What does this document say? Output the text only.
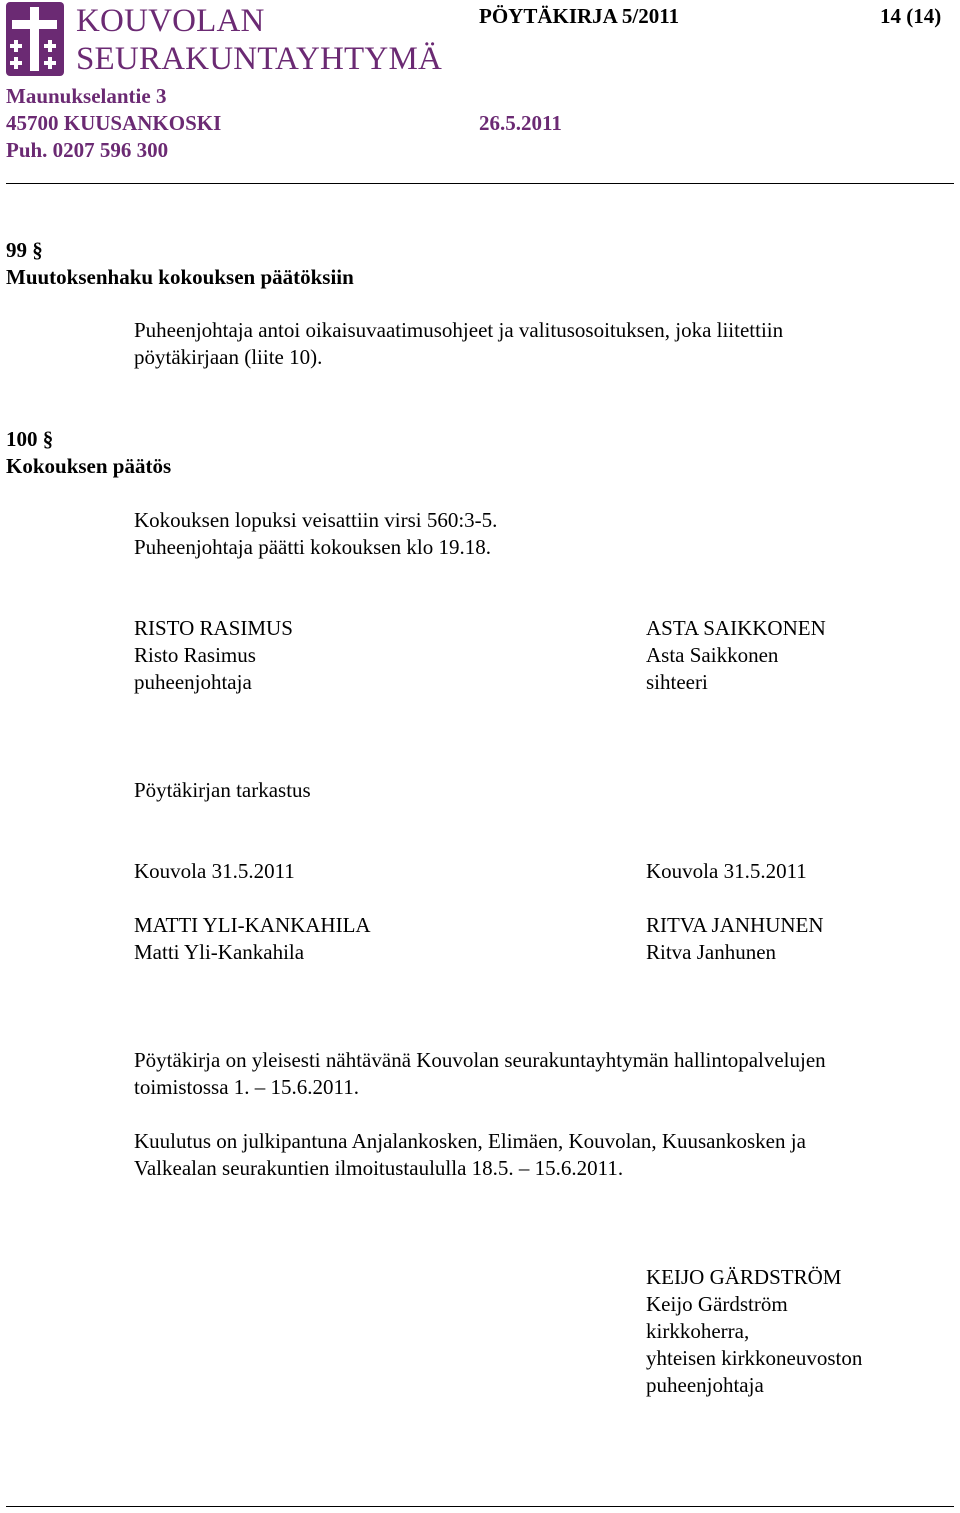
KOUVOLAN
SEURAKUNTAYHTYMÄ
PÖYTÄKIRJA 5/2011	14 (14)
Maunukselantie 3
45700 KUUSANKOSKI	26.5.2011
Puh. 0207 596 300
99 §
Muutoksenhaku kokouksen päätöksiin
Puheenjohtaja antoi oikaisuvaatimusohjeet ja valitusosoituksen, joka liitettiin
pöytäkirjaan (liite 10).
100 §
Kokouksen päätös
Kokouksen lopuksi veisattiin virsi 560:3-5.
Puheenjohtaja päätti kokouksen klo 19.18.
RISTO RASIMUS
Risto Rasimus
puheenjohtaja
ASTA SAIKKONEN
Asta Saikkonen
sihteeri
Pöytäkirjan tarkastus
Kouvola 31.5.2011	Kouvola 31.5.2011
MATTI YLI-KANKAHILA
Matti Yli-Kankahila
RITVA JANHUNEN
Ritva Janhunen
Pöytäkirja on yleisesti nähtävänä Kouvolan seurakuntayhtymän hallintopalvelujen
toimistossa 1. – 15.6.2011.
Kuulutus on julkipantuna Anjalankosken, Elimäen, Kouvolan, Kuusankosken ja
Valkealan seurakuntien ilmoitustaululla 18.5. – 15.6.2011.
KEIJO GÄRDSTRÖM
Keijo Gärdström
kirkkoherra,
yhteisen kirkkoneuvoston
puheenjohtaja
